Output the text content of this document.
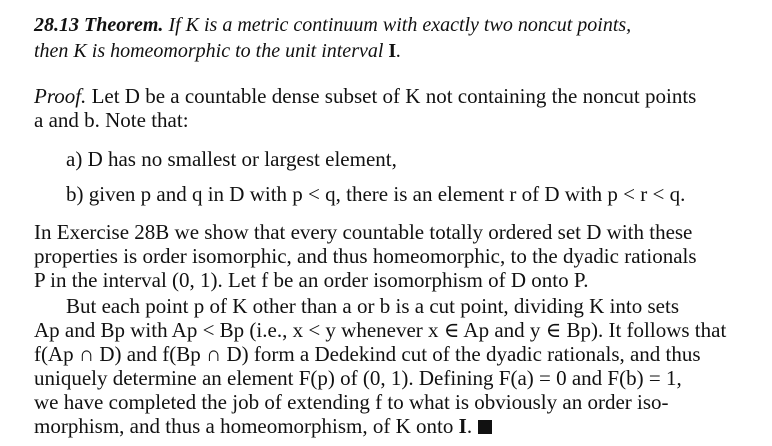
28.13 Theorem. If K is a metric continuum with exactly two noncut points,
then K is homeomorphic to the unit interval I.
Proof. Let D be a countable dense subset of K not containing the noncut points
a and b. Note that:
a) D has no smallest or largest element,
b) given p and q in D with p < q, there is an element r of D with p < r < q.
In Exercise 28B we show that every countable totally ordered set D with these
properties is order isomorphic, and thus homeomorphic, to the dyadic rationals
P in the interval (0, 1). Let f be an order isomorphism of D onto P.
But each point p of K other than a or b is a cut point, dividing K into sets
Ap and Bp with Ap < Bp (i.e., x < y whenever x ∈ Ap and y ∈ Bp). It follows that
f(Ap ∩ D) and f(Bp ∩ D) form a Dedekind cut of the dyadic rationals, and thus
uniquely determine an element F(p) of (0, 1). Defining F(a) = 0 and F(b) = 1,
we have completed the job of extending f to what is obviously an order iso-
morphism, and thus a homeomorphism, of K onto I.
